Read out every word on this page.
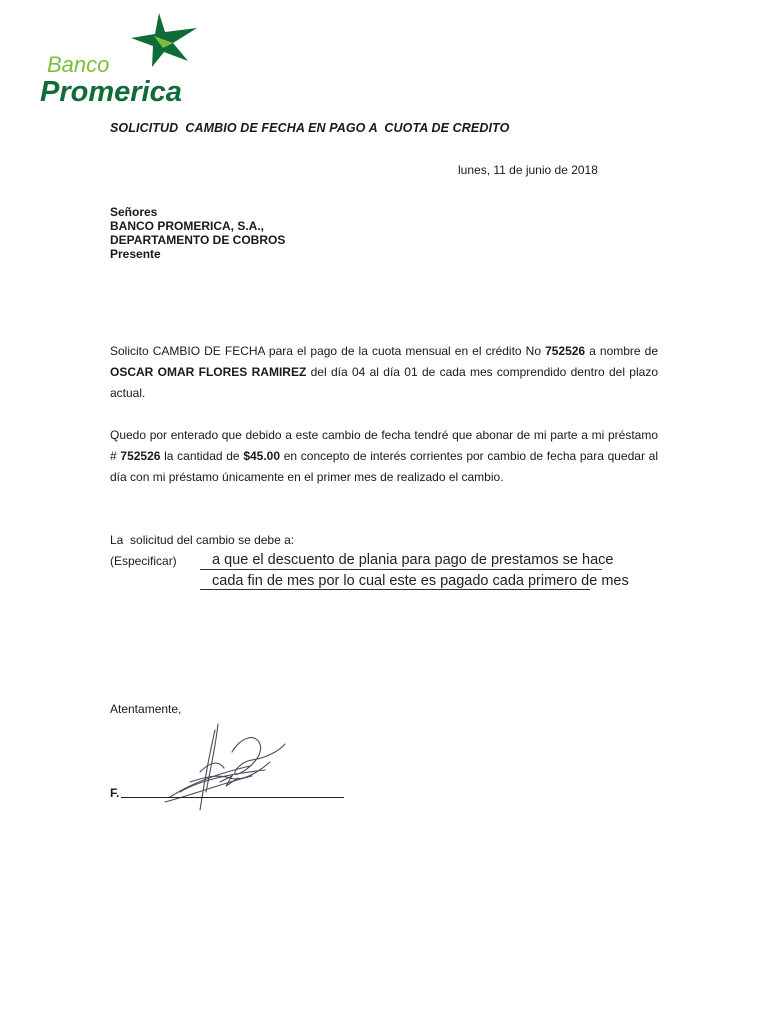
Banco
Promerica
SOLICITUD  CAMBIO DE FECHA EN PAGO A  CUOTA DE CREDITO
lunes, 11 de junio de 2018
Señores
BANCO PROMERICA, S.A.,
DEPARTAMENTO DE COBROS
Presente
Solicito CAMBIO DE FECHA para el pago de la cuota mensual en el crédito No 752526 a nombre de OSCAR OMAR FLORES RAMIREZ del día 04 al día 01 de cada mes comprendido dentro del plazo actual.
Quedo por enterado que debido a este cambio de fecha tendré que abonar de mi parte a mi préstamo # 752526 la cantidad de $45.00 en concepto de interés corrientes por cambio de fecha para quedar al día con mi préstamo únicamente en el primer mes de realizado el cambio.
La  solicitud del cambio se debe a:
(Especificar) a que el descuento de plania para pago de prestamos se hace
cada fin de mes por lo cual este es pagado cada primero de mes
Atentamente,
F.
